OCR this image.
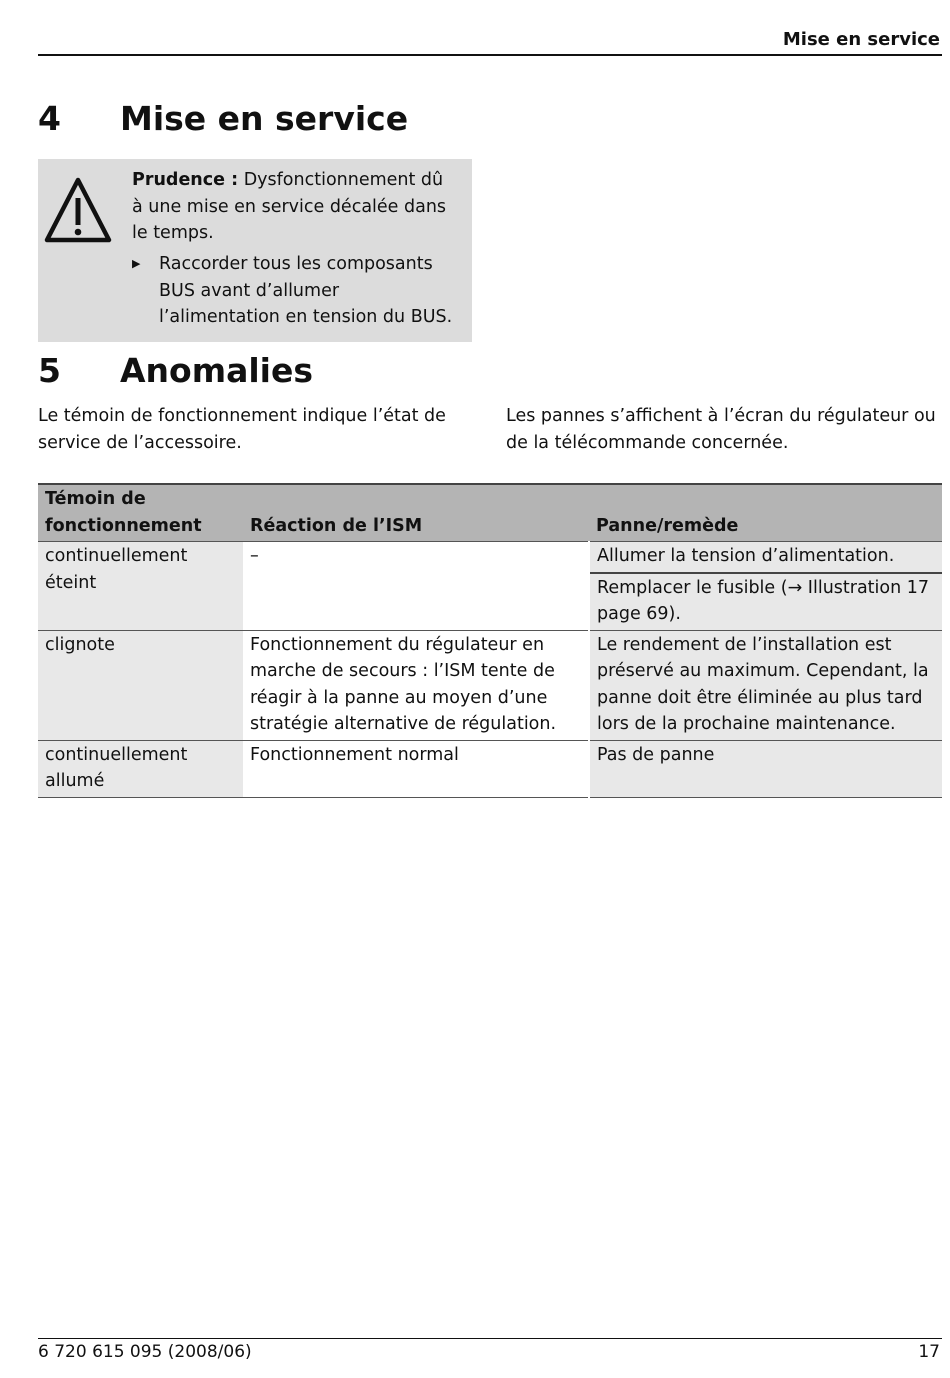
Mise en service
4 Mise en service
Prudence : Dysfonctionnement dû à une mise en service décalée dans le temps.
▶ Raccorder tous les composants BUS avant d’allumer l’alimentation en tension du BUS.
5 Anomalies
Le témoin de fonctionnement indique l’état de service de l’accessoire.
Les pannes s’affichent à l’écran du régulateur ou de la télécommande concernée.
Témoin de fonctionnement	Réaction de l’ISM	Panne/remède
continuellement éteint	–	Allumer la tension d’alimentation.
		Remplacer le fusible (→ Illustration 17 page 69).
clignote	Fonctionnement du régulateur en marche de secours : l’ISM tente de réagir à la panne au moyen d’une stratégie alternative de régulation.	Le rendement de l’installation est préservé au maximum. Cependant, la panne doit être éliminée au plus tard lors de la prochaine maintenance.
continuellement allumé	Fonctionnement normal	Pas de panne
6 720 615 095 (2008/06)	17
